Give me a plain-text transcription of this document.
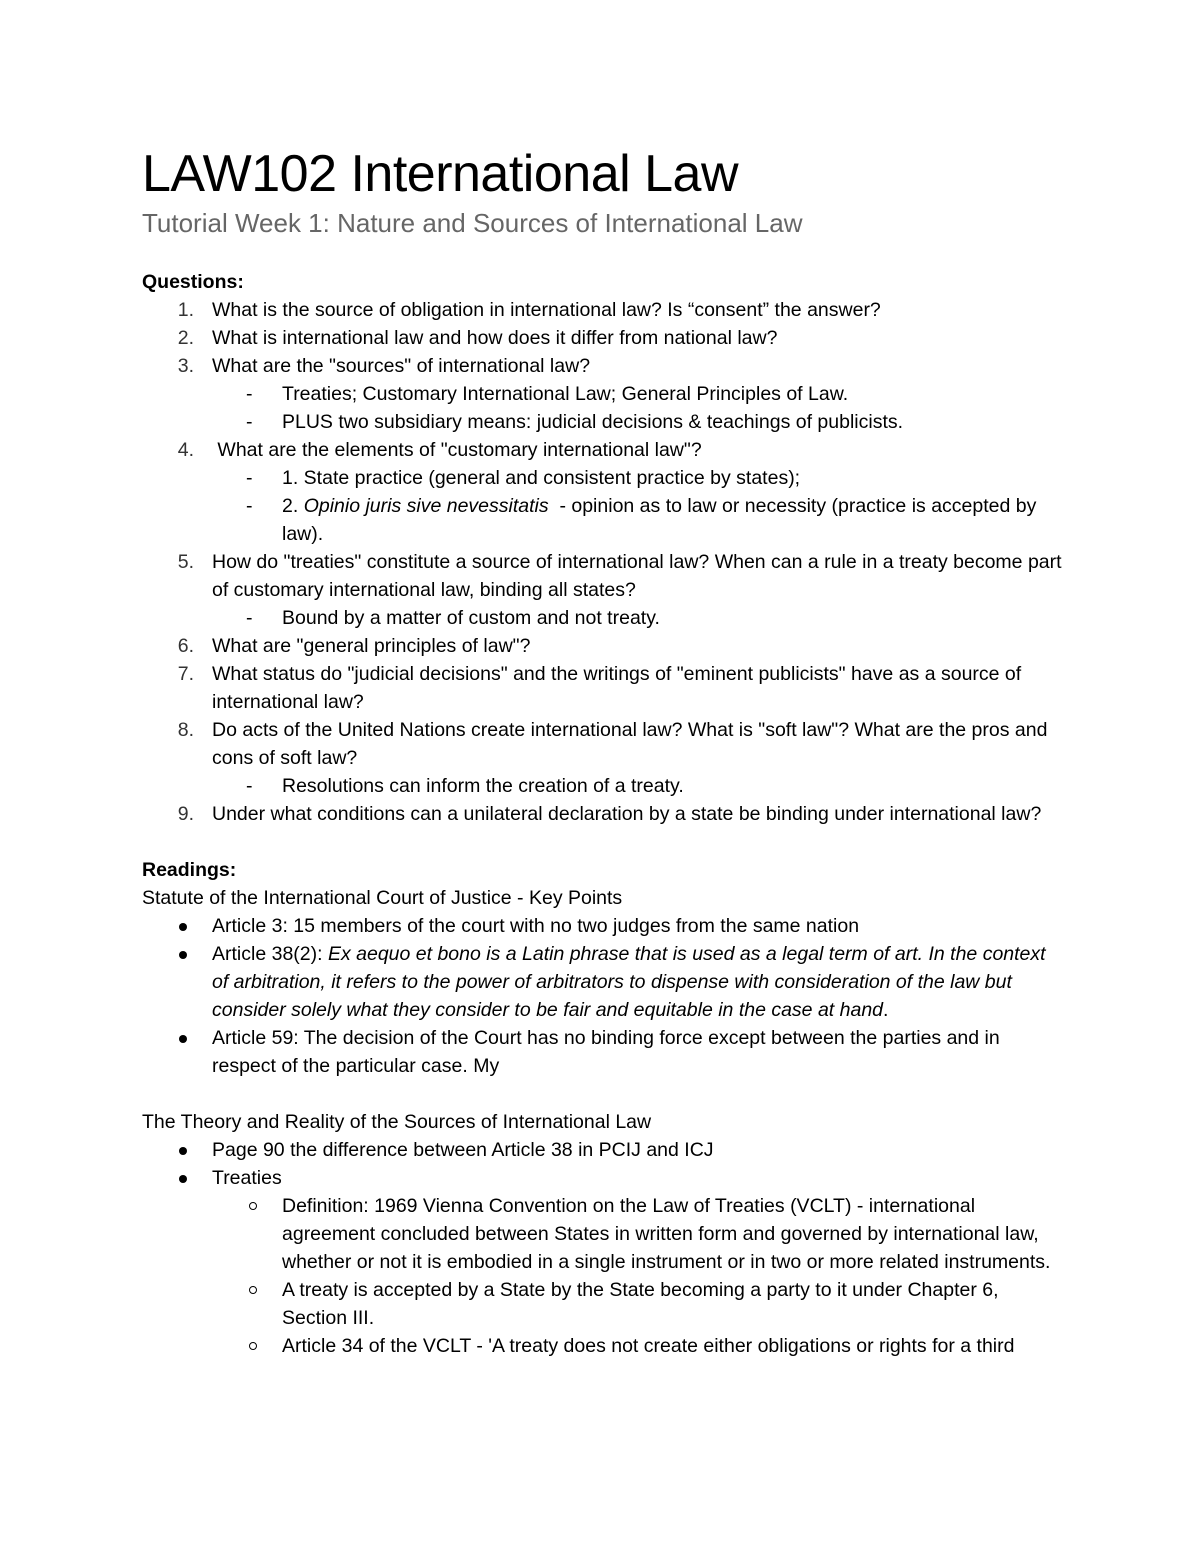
LAW102 International Law
Tutorial Week 1: Nature and Sources of International Law

Questions:

1. What is the source of obligation in international law? Is “consent” the answer?
2. What is international law and how does it differ from national law?
3. What are the "sources" of international law?
- Treaties; Customary International Law; General Principles of Law.
- PLUS two subsidiary means: judicial decisions & teachings of publicists.
4. What are the elements of "customary international law"?
- 1. State practice (general and consistent practice by states);
- 2. Opinio juris sive nevessitatis  - opinion as to law or necessity (practice is accepted by law).
5. How do "treaties" constitute a source of international law? When can a rule in a treaty become part of customary international law, binding all states?
- Bound by a matter of custom and not treaty.
6. What are "general principles of law"?
7. What status do "judicial decisions" and the writings of "eminent publicists" have as a source of international law?
8. Do acts of the United Nations create international law? What is "soft law"? What are the pros and cons of soft law?
- Resolutions can inform the creation of a treaty.
9. Under what conditions can a unilateral declaration by a state be binding under international law?

Readings:

Statute of the International Court of Justice - Key Points

Article 3: 15 members of the court with no two judges from the same nation
Article 38(2): Ex aequo et bono is a Latin phrase that is used as a legal term of art. In the context of arbitration, it refers to the power of arbitrators to dispense with consideration of the law but consider solely what they consider to be fair and equitable in the case at hand.
Article 59: The decision of the Court has no binding force except between the parties and in respect of the particular case. My

The Theory and Reality of the Sources of International Law

Page 90 the difference between Article 38 in PCIJ and ICJ
Treaties
Definition: 1969 Vienna Convention on the Law of Treaties (VCLT) - international agreement concluded between States in written form and governed by international law, whether or not it is embodied in a single instrument or in two or more related instruments.
A treaty is accepted by a State by the State becoming a party to it under Chapter 6, Section III.
Article 34 of the VCLT - 'A treaty does not create either obligations or rights for a third
